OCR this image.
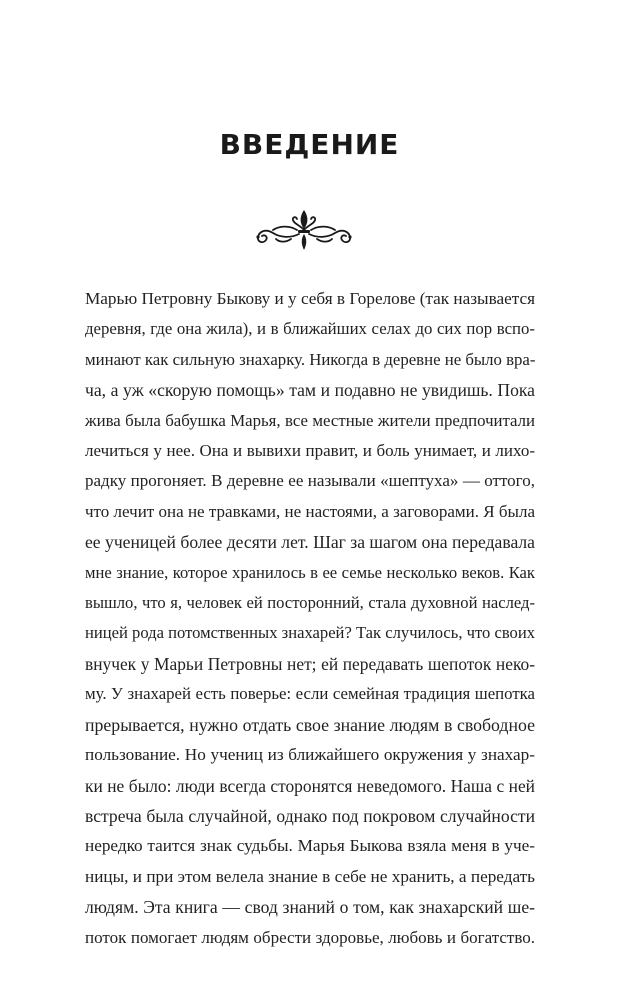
ВВЕДЕНИЕ
Марью Петровну Быкову и у себя в Горелове (так называется
деревня, где она жила), и в ближайших селах до сих пор вспо-
минают как сильную знахарку. Никогда в деревне не было вра-
ча, а уж «скорую помощь» там и подавно не увидишь. Пока
жива была бабушка Марья, все местные жители предпочитали
лечиться у нее. Она и вывихи правит, и боль унимает, и лихо-
радку прогоняет. В деревне ее называли «шептуха» — оттого,
что лечит она не травками, не настоями, а заговорами. Я была
ее ученицей более десяти лет. Шаг за шагом она передавала
мне знание, которое хранилось в ее семье несколько веков. Как
вышло, что я, человек ей посторонний, стала духовной наслед-
ницей рода потомственных знахарей? Так случилось, что своих
внучек у Марьи Петровны нет; ей передавать шепоток неко-
му. У знахарей есть поверье: если семейная традиция шепотка
прерывается, нужно отдать свое знание людям в свободное
пользование. Но учениц из ближайшего окружения у знахар-
ки не было: люди всегда сторонятся неведомого. Наша с ней
встреча была случайной, однако под покровом случайности
нередко таится знак судьбы. Марья Быкова взяла меня в уче-
ницы, и при этом велела знание в себе не хранить, а передать
людям. Эта книга — свод знаний о том, как знахарский ше-
поток помогает людям обрести здоровье, любовь и богатство.
